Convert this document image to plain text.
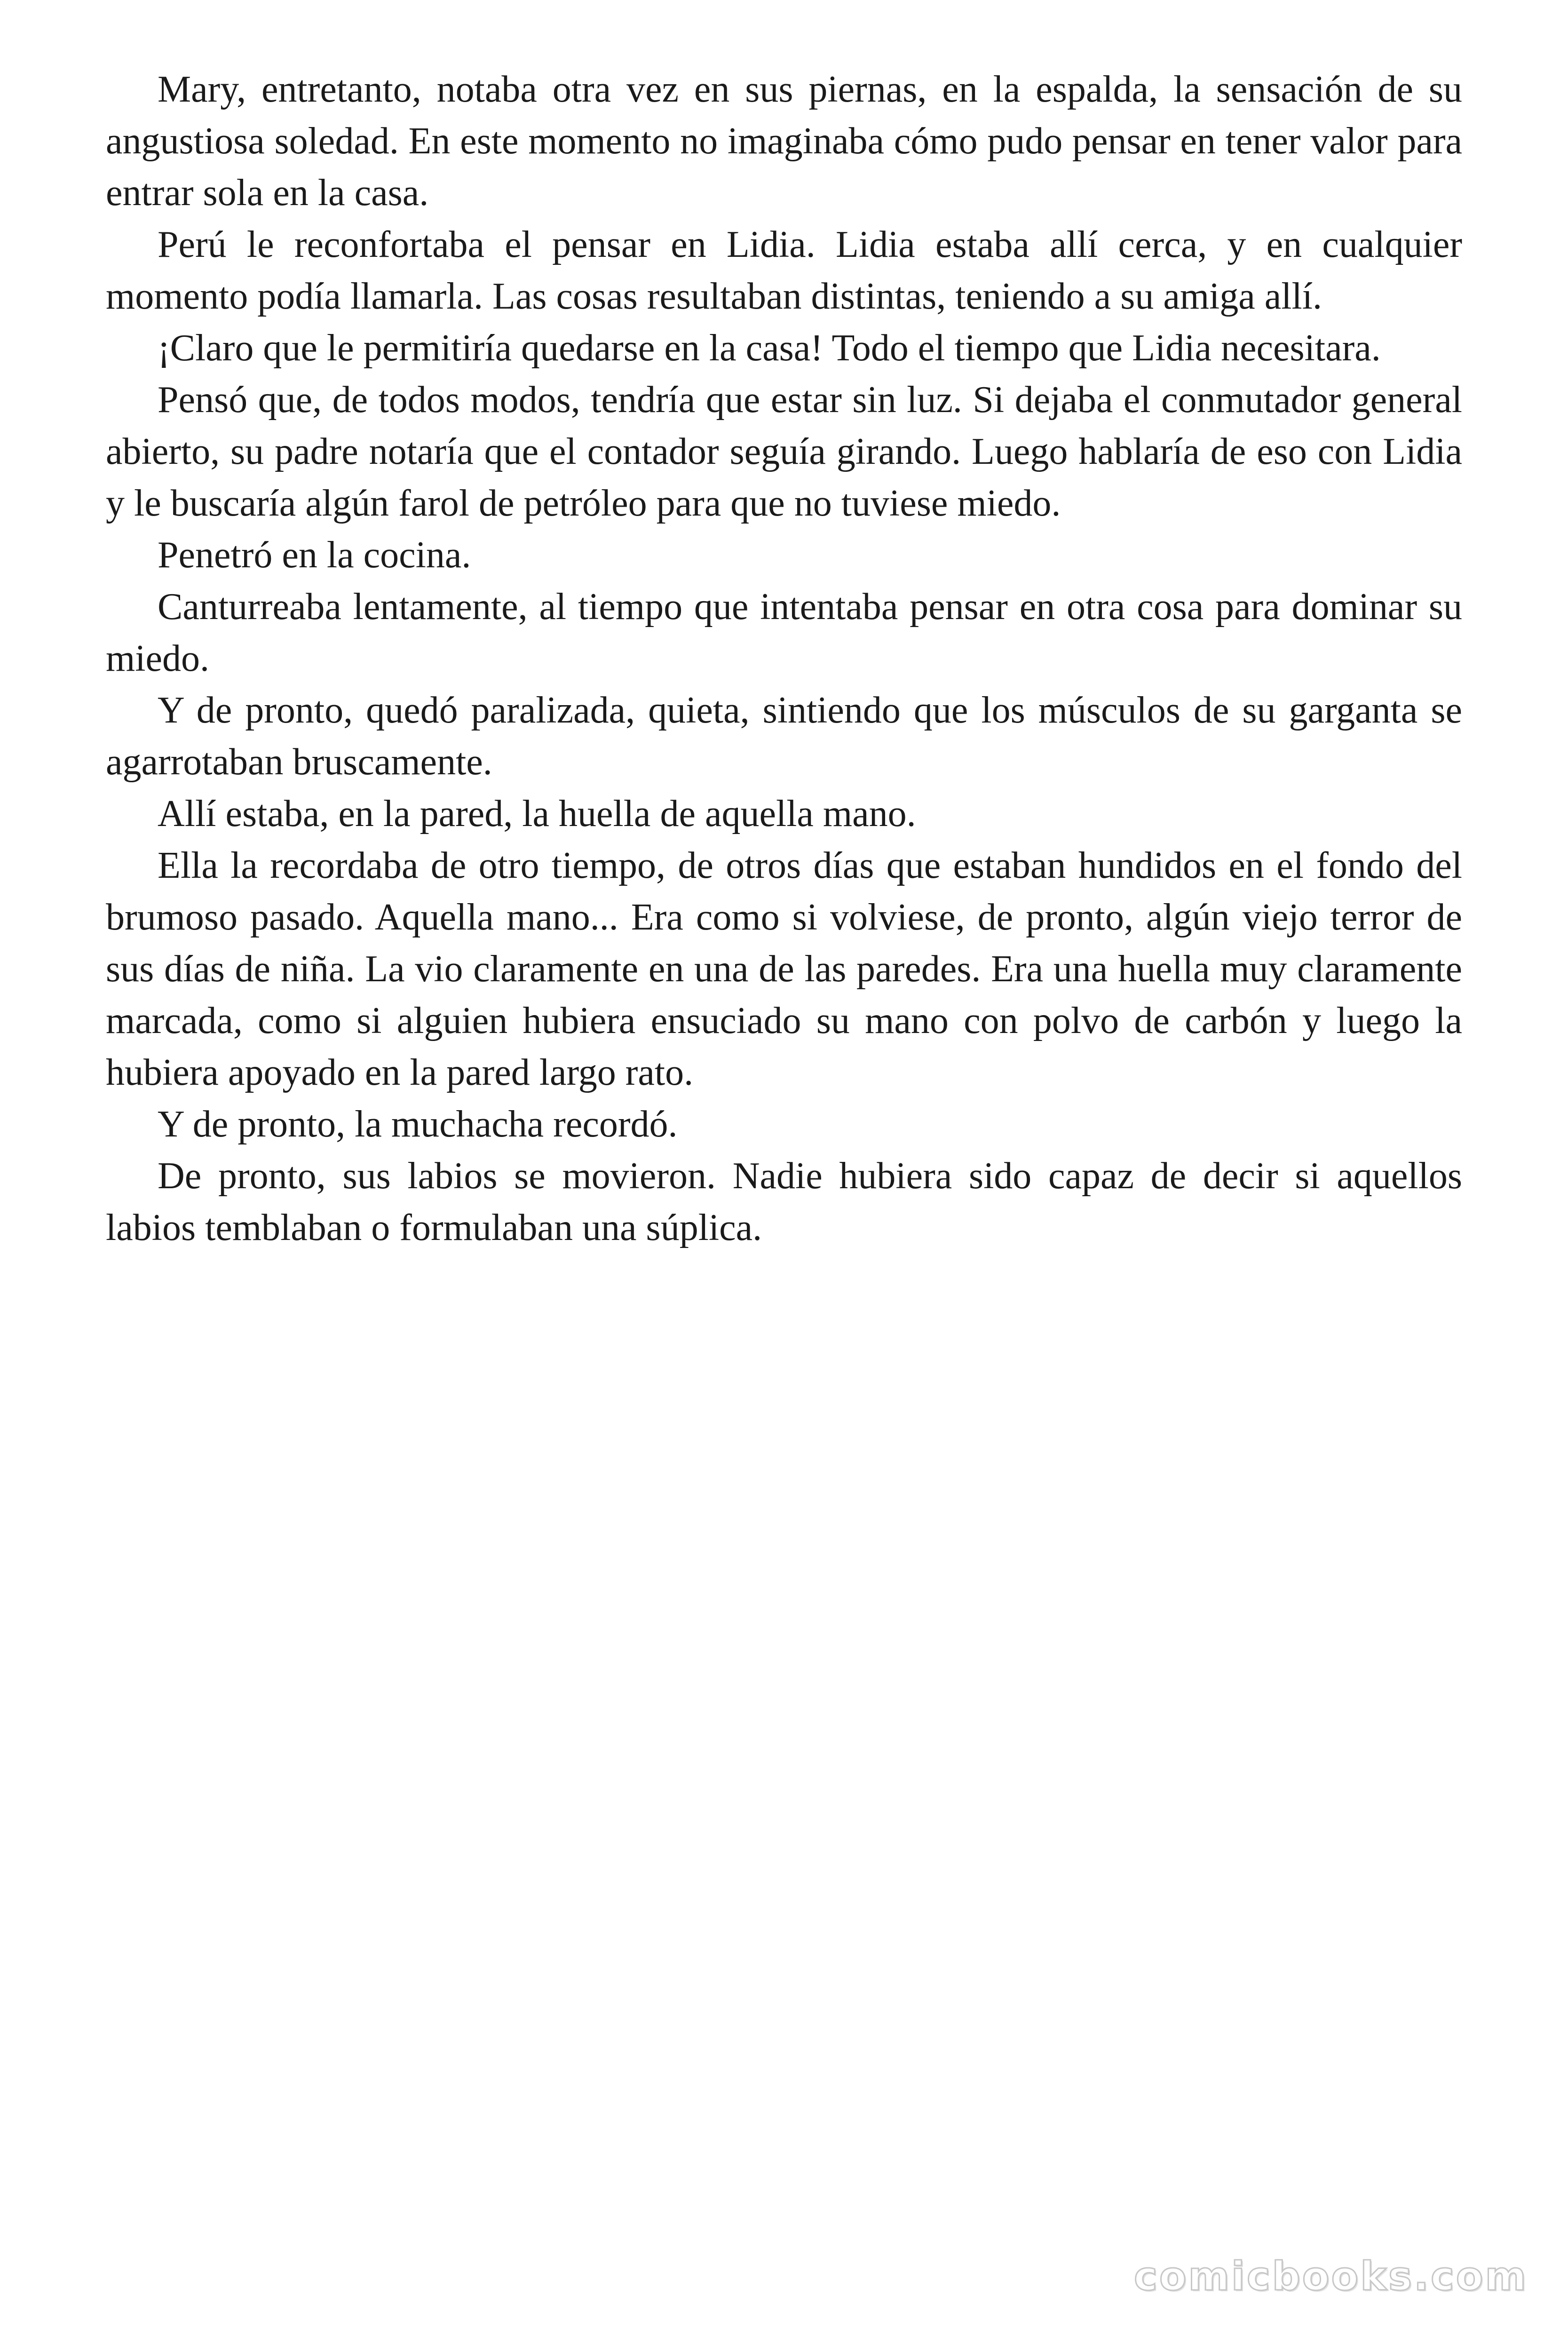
Mary, entretanto, notaba otra vez en sus piernas, en la espalda, la sensación de su angustiosa soledad. En este momento no imaginaba cómo pudo pensar en tener valor para entrar sola en la casa.

Perú le reconfortaba el pensar en Lidia. Lidia estaba allí cerca, y en cualquier momento podía llamarla. Las cosas resultaban distintas, teniendo a su amiga allí.

¡Claro que le permitiría quedarse en la casa! Todo el tiempo que Lidia necesitara.

Pensó que, de todos modos, tendría que estar sin luz. Si dejaba el conmutador general abierto, su padre notaría que el contador seguía girando. Luego hablaría de eso con Lidia y le buscaría algún farol de petróleo para que no tuviese miedo.

Penetró en la cocina.

Canturreaba lentamente, al tiempo que intentaba pensar en otra cosa para dominar su miedo.

Y de pronto, quedó paralizada, quieta, sintiendo que los músculos de su garganta se agarrotaban bruscamente.

Allí estaba, en la pared, la huella de aquella mano.

Ella la recordaba de otro tiempo, de otros días que estaban hundidos en el fondo del brumoso pasado. Aquella mano... Era como si volviese, de pronto, algún viejo terror de sus días de niña. La vio claramente en una de las paredes. Era una huella muy claramente marcada, como si alguien hubiera ensuciado su mano con polvo de carbón y luego la hubiera apoyado en la pared largo rato.

Y de pronto, la muchacha recordó.

De pronto, sus labios se movieron. Nadie hubiera sido capaz de decir si aquellos labios temblaban o formulaban una súplica.

comicbooks.com
